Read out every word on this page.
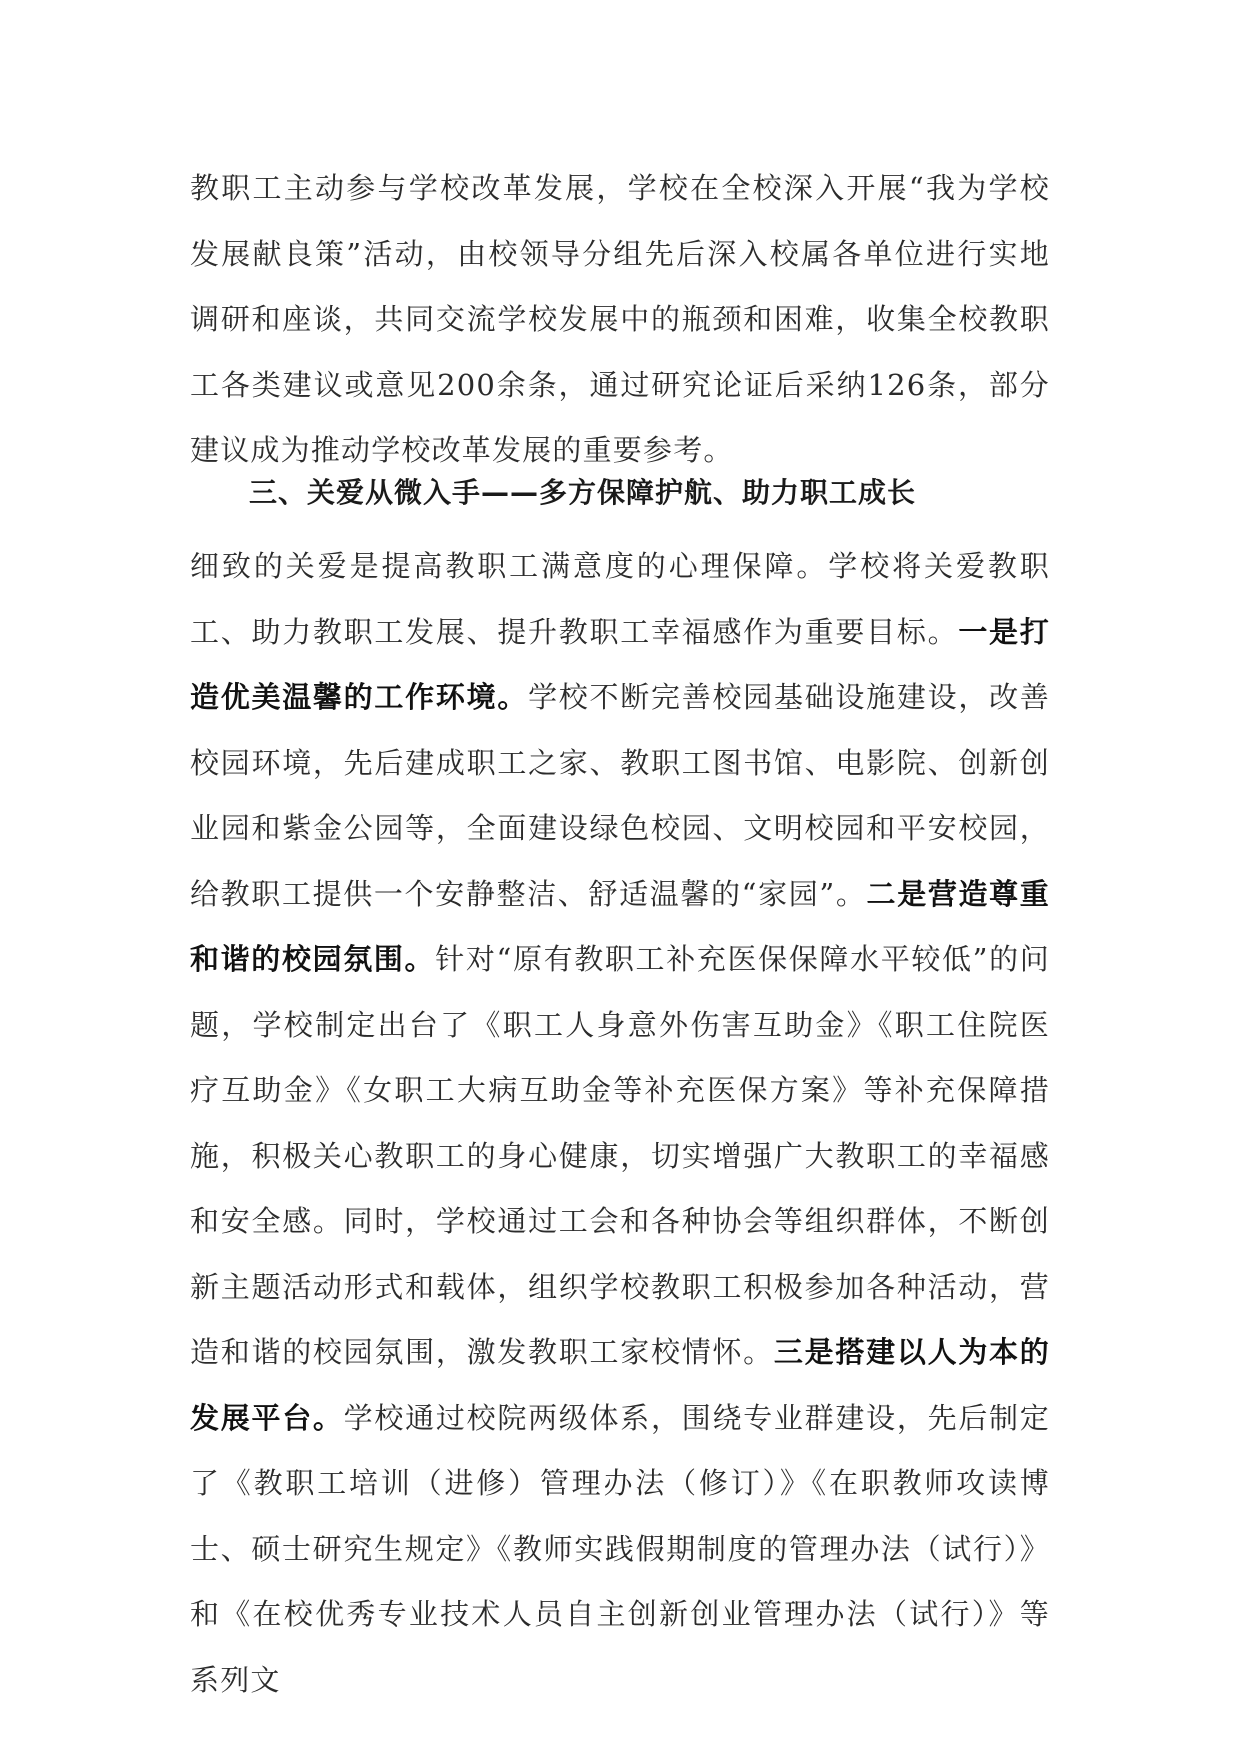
教职工主动参与学校改革发展，学校在全校深入开展“我为学校发展献良策”活动，由校领导分组先后深入校属各单位进行实地调研和座谈，共同交流学校发展中的瓶颈和困难，收集全校教职工各类建议或意见200余条，通过研究论证后采纳126条，部分建议成为推动学校改革发展的重要参考。
三、关爱从微入手——多方保障护航、助力职工成长
细致的关爱是提高教职工满意度的心理保障。学校将关爱教职工、助力教职工发展、提升教职工幸福感作为重要目标。一是打造优美温馨的工作环境。学校不断完善校园基础设施建设，改善校园环境，先后建成职工之家、教职工图书馆、电影院、创新创业园和紫金公园等，全面建设绿色校园、文明校园和平安校园，给教职工提供一个安静整洁、舒适温馨的“家园”。二是营造尊重和谐的校园氛围。针对“原有教职工补充医保保障水平较低”的问题，学校制定出台了《职工人身意外伤害互助金》《职工住院医疗互助金》《女职工大病互助金等补充医保方案》等补充保障措施，积极关心教职工的身心健康，切实增强广大教职工的幸福感和安全感。同时，学校通过工会和各种协会等组织群体，不断创新主题活动形式和载体，组织学校教职工积极参加各种活动，营造和谐的校园氛围，激发教职工家校情怀。三是搭建以人为本的发展平台。学校通过校院两级体系，围绕专业群建设，先后制定了《教职工培训（进修）管理办法（修订）》《在职教师攻读博士、硕士研究生规定》《教师实践假期制度的管理办法（试行）》和《在校优秀专业技术人员自主创新创业管理办法（试行）》等系列文
